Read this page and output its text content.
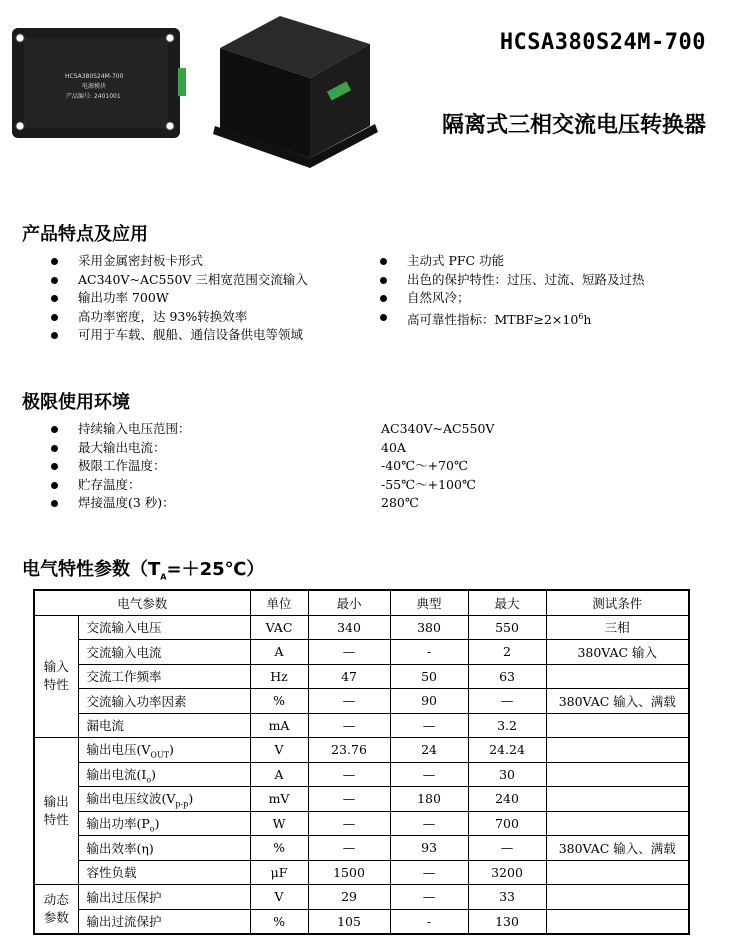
HCSA380S24M-700
电源模块
产品编号: 2401001
HCSA380S24M-700
隔离式三相交流电压转换器
产品特点及应用
采用金属密封板卡形式
AC340V~AC550V 三相宽范围交流输入
输出功率 700W
高功率密度，达 93%转换效率
可用于车载、舰船、通信设备供电等领域
主动式 PFC 功能
出色的保护特性：过压、过流、短路及过热
自然风冷；
高可靠性指标：$MTBF\ge 2\times 10^6h$
极限使用环境
持续输入电压范围：	AC340V~AC550V
最大输出电流：	40A
极限工作温度：	-40℃～+70℃
贮存温度：	-55℃～+100℃
焊接温度(3 秒)：	280℃
电气特性参数$(T_A=+25℃)$
电气参数		单位	最小	典型	最大	测试条件

输入
特性	交流输入电压	VAC	340	380	550	三相
	交流输入电流	A	—	-	2	380VAC 输入
	交流工作频率	Hz	47	50	63	
	交流输入功率因素	%	—	90	—	380VAC 输入、满载
	漏电流	mA	—	—	3.2	

输出
特性	输出电压$(V_{OUT})$	V	23.76	24	24.24	
	输出电流$(I_o)$	A	—	—	30	
	输出电压纹波$(V_{p-p})$	mV	—	180	240	
	输出功率$(P_o)$	W	—	—	700	
	输出效率(η)	%	—	93	—	380VAC 输入、满载
	容性负载	μF	1500	—	3200	

动态
参数	输出过压保护	V	29	—	33	
	输出过流保护	%	105	-	130	
